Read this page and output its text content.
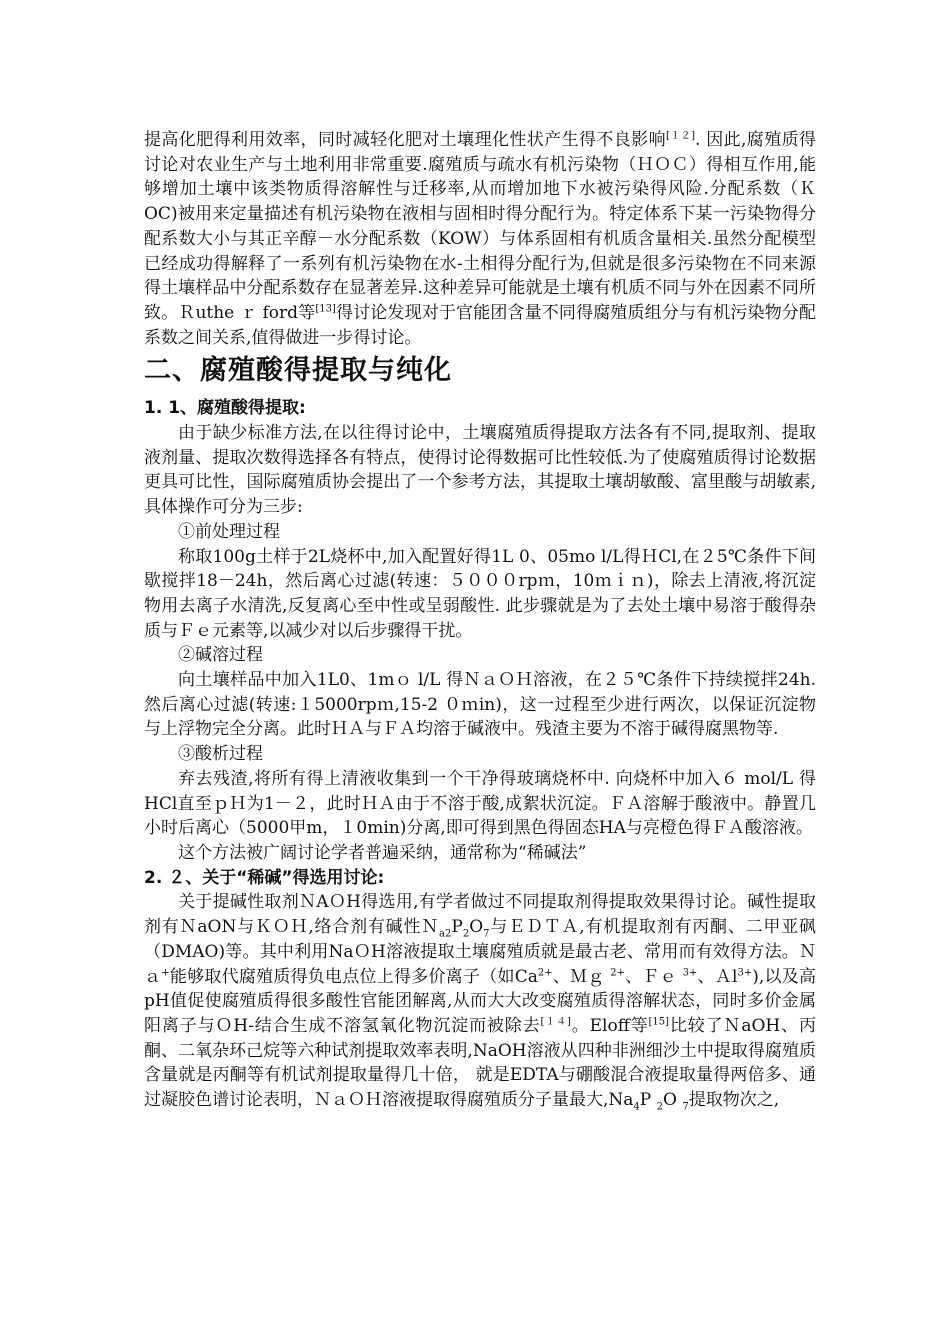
提高化肥得利用效率，同时减轻化肥对土壤理化性状产生得不良影响[１２]. 因此,腐殖质得讨论对农业生产与土地利用非常重要.腐殖质与疏水有机污染物（ＨＯＣ）得相互作用,能够增加土壤中该类物质得溶解性与迁移率,从而增加地下水被污染得风险.分配系数（ＫOC)被用来定量描述有机污染物在液相与固相时得分配行为。特定体系下某一污染物得分配系数大小与其正辛醇－水分配系数（KOW）与体系固相有机质含量相关.虽然分配模型已经成功得解释了一系列有机污染物在水-土相得分配行为,但就是很多污染物在不同来源得土壤样品中分配系数存在显著差异.这种差异可能就是土壤有机质不同与外在因素不同所致。Ｒuthe ｒ ford等[13]得讨论发现对于官能团含量不同得腐殖质组分与有机污染物分配系数之间关系,值得做进一步得讨论。

二、腐殖酸得提取与纯化
1. 1、腐殖酸得提取:

由于缺少标准方法,在以往得讨论中，土壤腐殖质得提取方法各有不同,提取剂、提取液剂量、提取次数得选择各有特点，使得讨论得数据可比性较低.为了使腐殖质得讨论数据更具可比性，国际腐殖质协会提出了一个参考方法，其提取土壤胡敏酸、富里酸与胡敏素,具体操作可分为三步:

①前处理过程

称取100g土样于2L烧杯中,加入配置好得1L 0、05mo l/L得ＨCl,在２5℃条件下间歇搅拌18－24h，然后离心过滤(转速：５０００rpｍ，10ｍｉｎ)，除去上清液,将沉淀物用去离子水清洗,反复离心至中性或呈弱酸性. 此步骤就是为了去处土壤中易溶于酸得杂质与Ｆｅ元素等,以减少对以后步骤得干扰。

②碱溶过程

向土壤样品中加入1L0、1mｏ l/L 得ＮａＯＨ溶液，在２５℃条件下持续搅拌24h. 然后离心过滤(转速:１5000rpｍ,15-2 ０ｍin)，这一过程至少进行两次，以保证沉淀物与上浮物完全分离。此时ＨＡ与ＦＡ均溶于碱液中。残渣主要为不溶于碱得腐黑物等.

③酸析过程

弃去残渣,将所有得上清液收集到一个干净得玻璃烧杯中. 向烧杯中加入６ mol/L 得HCl直至ｐＨ为1－２，此时ＨＡ由于不溶于酸,成絮状沉淀。ＦＡ溶解于酸液中。静置几小时后离心（5000甲m，１0min)分离,即可得到黑色得固态HA与亮橙色得ＦＡ酸溶液。

这个方法被广阔讨论学者普遍采纳，通常称为“稀碱法”

2. ２、关于“稀碱”得选用讨论:

关于提碱性取剂ＮAＯH得选用,有学者做过不同提取剂得提取效果得讨论。碱性提取剂有ＮaON与ＫＯＨ,络合剂有碱性$N_{a2}P_2O_7$与ＥＤＴＡ,有机提取剂有丙酮、二甲亚砜（DMAO)等。其中利用NaＯH溶液提取土壤腐殖质就是最古老、常用而有效得方法。Ｎａ+能够取代腐殖质得负电点位上得多价离子（如$Ca^{2+}$、Ｍｇ $^{2+}$、Ｆｅ $^{3+}$、Ａl$^{3+}$),以及高pH值促使腐殖质得很多酸性官能团解离,从而大大改变腐殖质得溶解状态，同时多价金属阳离子与ＯH-结合生成不溶氢氧化物沉淀而被除去[１４]。Eloff等[15]比较了ＮaOH、丙酮、二氧杂环己烷等六种试剂提取效率表明,NaOH溶液从四种非洲细沙土中提取得腐殖质含量就是丙酮等有机试剂提取量得几十倍， 就是EDTA与硼酸混合液提取量得两倍多、通过凝胶色谱讨论表明，ＮａＯＨ溶液提取得腐殖质分子量最大$,Na_4P$ $_2$O $_7$提取物次之,
